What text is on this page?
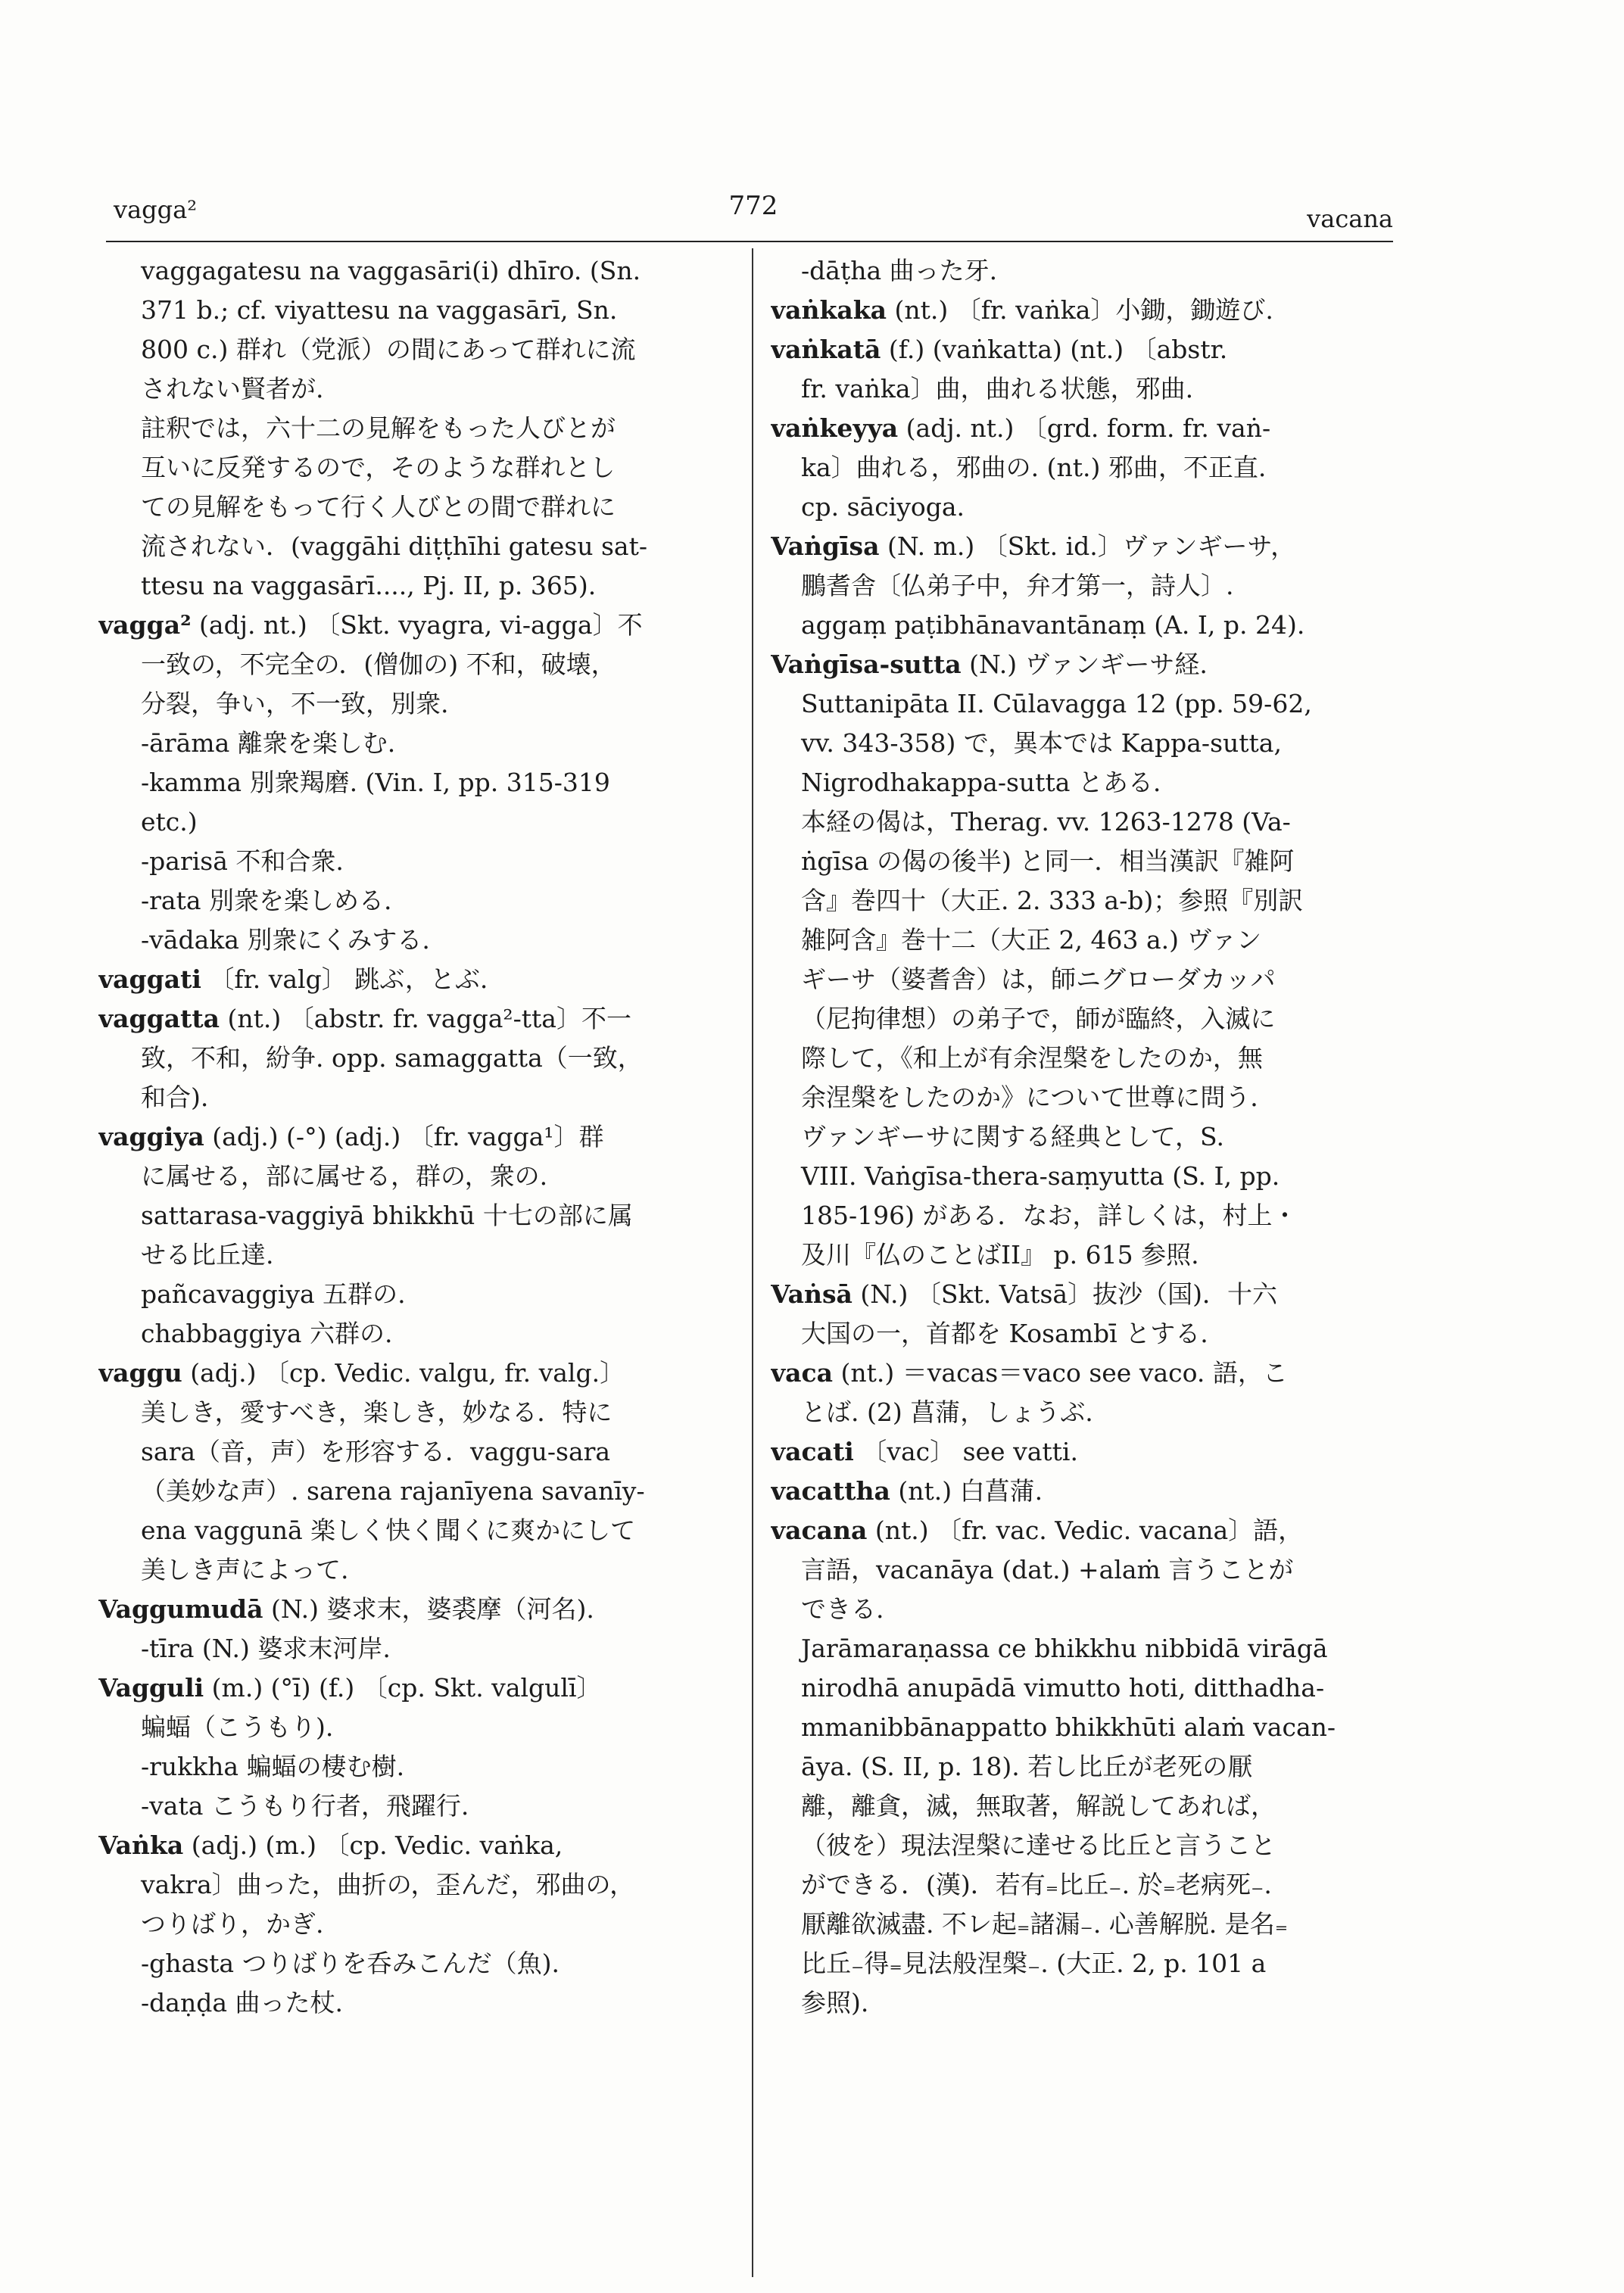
vagga²	772	vacana
vaggagatesu na vaggasāri(i) dhīro. (Sn.
371 b.; cf. viyattesu na vaggasārī, Sn.
800 c.) 群れ（党派）の間にあって群れに流
されない賢者が.
註釈では，六十二の見解をもった人びとが
互いに反発するので，そのような群れとし
ての見解をもって行く人びとの間で群れに
流されない．(vaggāhi diṭṭhīhi gatesu sat-
ttesu na vaggasārī...., Pj. II, p. 365).
vagga² (adj. nt.) 〔Skt. vyagra, vi-agga〕不
一致の，不完全の．(僧伽の) 不和，破壊，
分裂，争い，不一致，別衆.
-ārāma 離衆を楽しむ.
-kamma 別衆羯磨. (Vin. I, pp. 315-319
etc.)
-parisā 不和合衆.
-rata 別衆を楽しめる.
-vādaka 別衆にくみする.
vaggati 〔fr. valg〕 跳ぶ，とぶ.
vaggatta (nt.) 〔abstr. fr. vagga²-tta〕不一
致，不和，紛争. opp. samaggatta（一致，
和合).
vaggiya (adj.) (-°) (adj.) 〔fr. vagga¹〕群
に属せる，部に属せる，群の，衆の.
sattarasa-vaggiyā bhikkhū 十七の部に属
せる比丘達.
pañcavaggiya 五群の.
chabbaggiya 六群の.
vaggu (adj.) 〔cp. Vedic. valgu, fr. valg.〕
美しき，愛すべき，楽しき，妙なる．特に
sara（音，声）を形容する．vaggu-sara
（美妙な声）. sarena rajanīyena savanīy-
ena vaggunā 楽しく快く聞くに爽かにして
美しき声によって.
Vaggumudā (N.) 婆求末，婆裘摩（河名).
-tīra (N.) 婆求末河岸.
Vagguli (m.) (°ī) (f.) 〔cp. Skt. valgulī〕
蝙蝠（こうもり).
-rukkha 蝙蝠の棲む樹.
-vata こうもり行者，飛躍行.
Vaṅka (adj.) (m.) 〔cp. Vedic. vaṅka,
vakra〕曲った，曲折の，歪んだ，邪曲の，
つりばり，かぎ.
-ghasta つりばりを呑みこんだ（魚).
-daṇḍa 曲った杖.
-dāṭha 曲った牙.
vaṅkaka (nt.) 〔fr. vaṅka〕小鋤，鋤遊び.
vaṅkatā (f.) (vaṅkatta) (nt.) 〔abstr.
fr. vaṅka〕曲，曲れる状態，邪曲.
vaṅkeyya (adj. nt.) 〔grd. form. fr. vaṅ-
ka〕曲れる，邪曲の. (nt.) 邪曲，不正直.
cp. sāciyoga.
Vaṅgīsa (N. m.) 〔Skt. id.〕ヴァンギーサ，
鵬耆舎〔仏弟子中，弁才第一，詩人〕.
aggaṃ paṭibhānavantānaṃ (A. I, p. 24).
Vaṅgīsa-sutta (N.) ヴァンギーサ経.
Suttanipāta II. Cūlavagga 12 (pp. 59-62,
vv. 343-358) で，異本では Kappa-sutta,
Nigrodhakappa-sutta とある.
本経の偈は，Therag. vv. 1263-1278 (Va-
ṅgīsa の偈の後半) と同一．相当漢訳『雑阿
含』巻四十（大正. 2. 333 a-b)；参照『別訳
雑阿含』巻十二（大正 2, 463 a.) ヴァン
ギーサ（婆耆舎）は，師ニグローダカッパ
（尼拘律想）の弟子で，師が臨終，入滅に
際して，《和上が有余涅槃をしたのか，無
余涅槃をしたのか》について世尊に問う．
ヴァンギーサに関する経典として，S.
VIII. Vaṅgīsa-thera-saṃyutta (S. I, pp.
185-196) がある．なお，詳しくは，村上・
及川『仏のことばII』 p. 615 参照.
Vaṅsā (N.) 〔Skt. Vatsā〕抜沙（国)．十六
大国の一，首都を Kosambī とする.
vaca (nt.) ＝vacas＝vaco see vaco. 語，こ
とば. (2) 菖蒲，しょうぶ.
vacati 〔vac〕 see vatti.
vacattha (nt.) 白菖蒲.
vacana (nt.) 〔fr. vac. Vedic. vacana〕語，
言語，vacanāya (dat.) +alaṁ 言うことが
できる.
Jarāmaraṇassa ce bhikkhu nibbidā virāgā
nirodhā anupādā vimutto hoti, ditthadha-
mmanibbānappatto bhikkhūti alaṁ vacan-
āya. (S. II, p. 18). 若し比丘が老死の厭
離，離貪，滅，無取著，解説してあれば，
（彼を）現法涅槃に達せる比丘と言うこと
ができる．(漢)．若有₌比丘₋. 於₌老病死₋.
厭離欲滅盡. 不レ起₌諸漏₋. 心善解脱. 是名₌
比丘₋得₌見法般涅槃₋. (大正. 2, p. 101 a
参照).
